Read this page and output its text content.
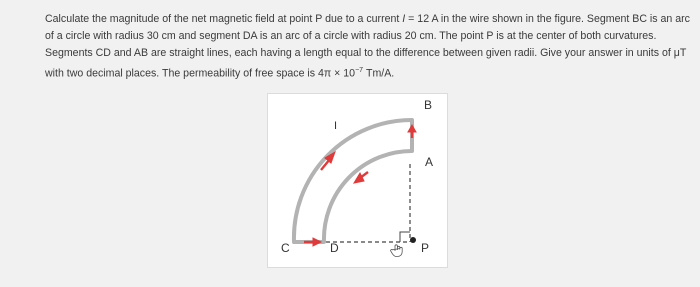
Calculate the magnitude of the net magnetic field at point P due to a current I = 12 A in the wire shown in the figure. Segment BC is an arc of a circle with radius 30 cm and segment DA is an arc of a circle with radius 20 cm. The point P is at the center of both curvatures. Segments CD and AB are straight lines, each having a length equal to the difference between given radii. Give your answer in units of μT with two decimal places. The permeability of free space is $4\pi \times 10^{-7}$ Tm/A.
B
A
C	D	P
I
